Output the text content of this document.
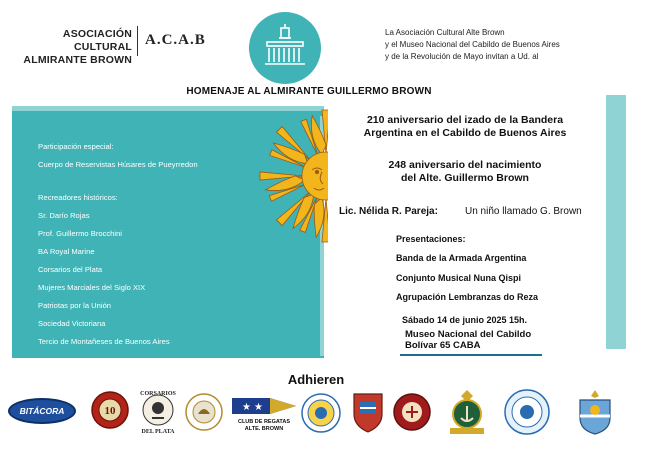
ASOCIACIÓN CULTURAL
ALMIRANTE BROWN
A.C.A.B	La Asociación Cultural Alte Brown
y el Museo Nacional del Cabildo de Buenos Aires
y de la Revolución de Mayo invitan a Ud. al
HOMENAJE AL ALMIRANTE GUILLERMO BROWN
Participación especial:
Cuerpo de Reservistas Húsares de Pueyrredon
Recreadores históricos:
Sr. Darío Rojas
Prof. Guillermo Brocchini
BA Royal Marine
Corsarios del Plata
Mujeres Marciales del Siglo XIX
Patriotas por la Unión
Sociedad Victoriana
Tercio de Montañeses de Buenos Aires
210 aniversario del izado de la Bandera
Argentina en el Cabildo de Buenos Aires
248 aniversario del nacimiento
del Alte. Guillermo Brown
Lic. Nélida R. Pareja:	Un niño llamado G. Brown
Presentaciones:
Banda de la Armada Argentina
Conjunto Musical Nuna Qispi
Agrupación Lembranzas do Reza
Sábado 14 de junio 2025 15h.
Museo Nacional del Cabildo
Bolívar 65 CABA
Adhieren
BITÁCORA	10
CORSARIOS
DEL PLATA
★ ★
CLUB DE REGATAS
ALTE. BROWN
